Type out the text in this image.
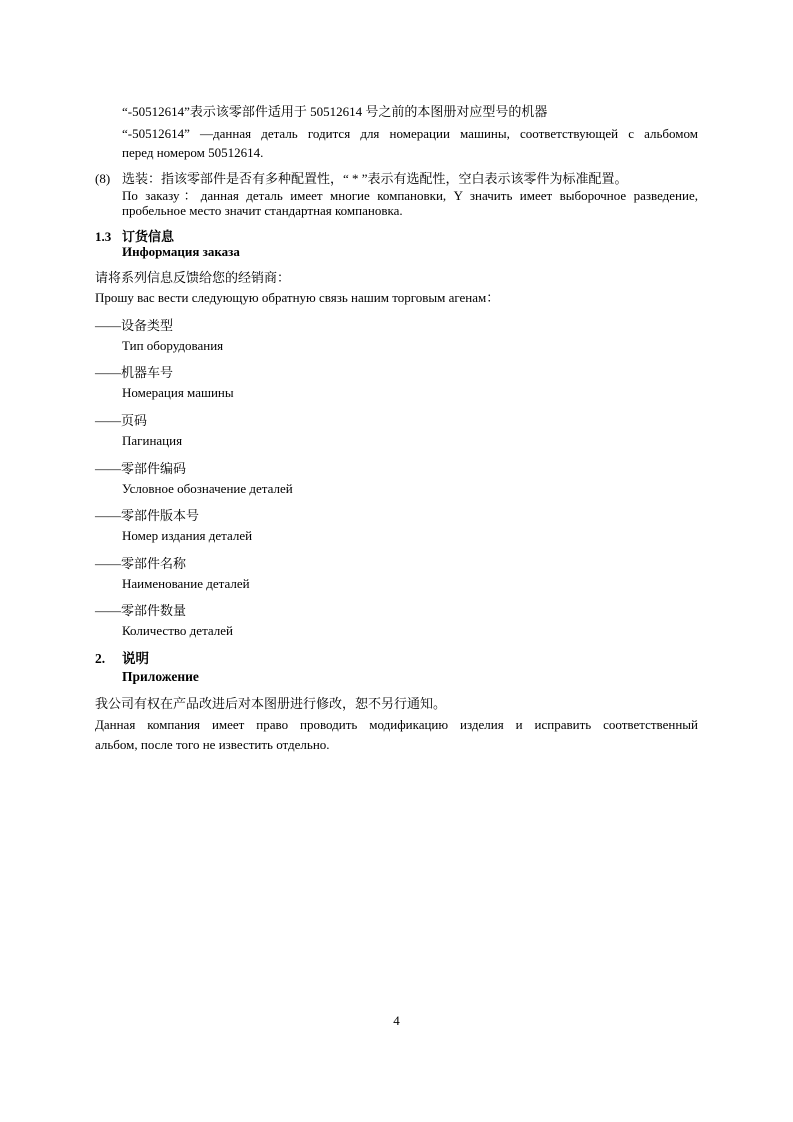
“-50512614”表示该零部件适用于 50512614 号之前的本图册对应型号的机器
“-50512614” —данная деталь годится для номерации машины, соответствующей с альбомом
перед номером 50512614.
(8) 选装：指该零部件是否有多种配置性，“ * ”表示有选配性，空白表示该零件为标准配置。
По заказу：данная деталь имеет многие компановки, Y значить имеет выборочное разведение,
пробельное место значит стандартная компановка.
1.3 订货信息
Информация заказа
请将系列信息反馈给您的经销商：
Прошу вас вести следующую обратную связь нашим торговым агенам：
——设备类型
Тип оборудования
——机器车号
Номерация машины
——页码
Пагинация
——零部件编码
Условное обозначение деталей
——零部件版本号
Номер издания деталей
——零部件名称
Наименование деталей
——零部件数量
Количество деталей
2. 说明
Приложение
我公司有权在产品改进后对本图册进行修改，恕不另行通知。
Данная компания имеет право проводить модификацию изделия и исправить соответственный
альбом, после того не известить отдельно.
4
